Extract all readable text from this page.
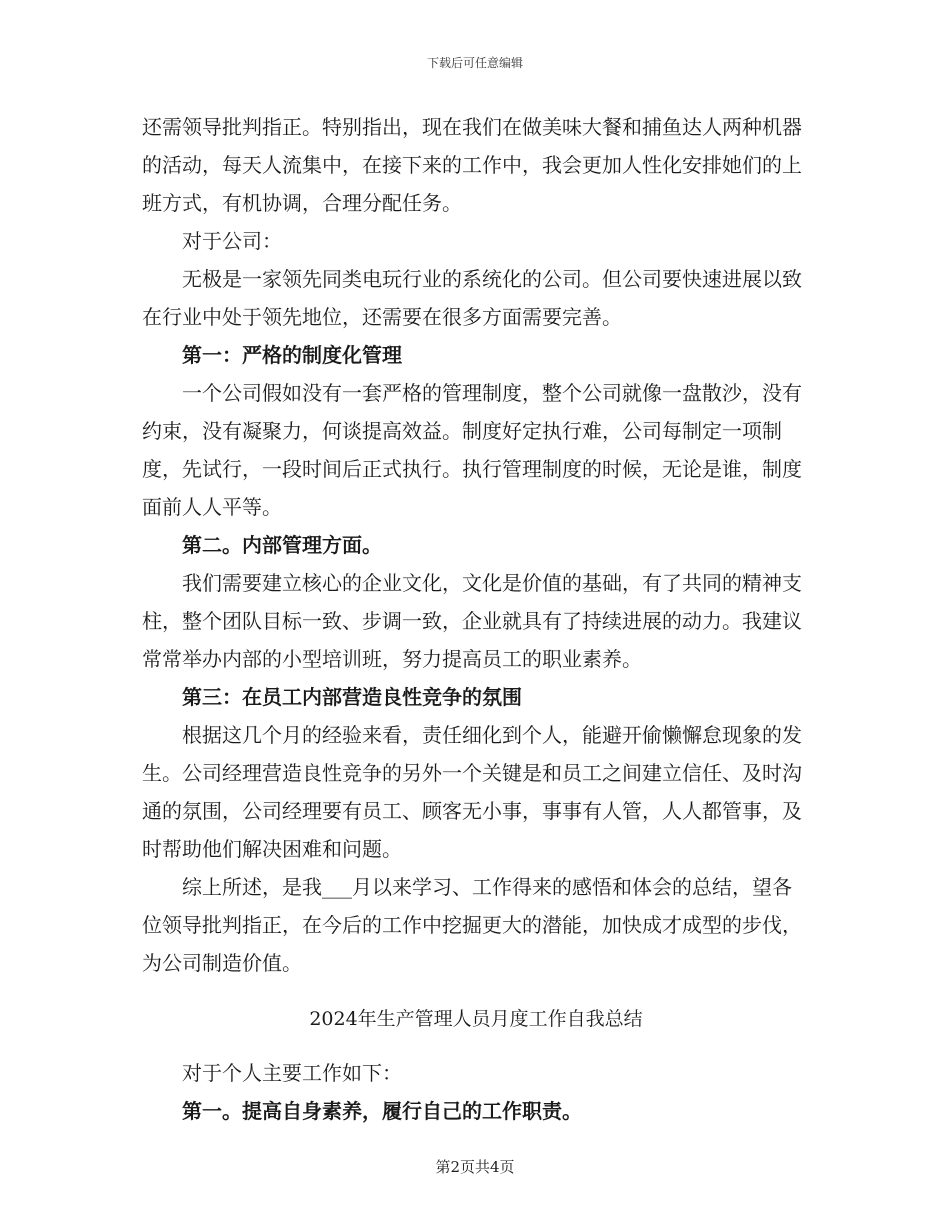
下载后可任意编辑

还需领导批判指正。特别指出，现在我们在做美味大餐和捕鱼达人两种机器的活动，每天人流集中，在接下来的工作中，我会更加人性化安排她们的上班方式，有机协调，合理分配任务。

对于公司：

无极是一家领先同类电玩行业的系统化的公司。但公司要快速进展以致在行业中处于领先地位，还需要在很多方面需要完善。

第一：严格的制度化管理

一个公司假如没有一套严格的管理制度，整个公司就像一盘散沙，没有约束，没有凝聚力，何谈提高效益。制度好定执行难，公司每制定一项制度，先试行，一段时间后正式执行。执行管理制度的时候，无论是谁，制度面前人人平等。

第二。内部管理方面。

我们需要建立核心的企业文化，文化是价值的基础，有了共同的精神支柱，整个团队目标一致、步调一致，企业就具有了持续进展的动力。我建议常常举办内部的小型培训班，努力提高员工的职业素养。

第三：在员工内部营造良性竞争的氛围

根据这几个月的经验来看，责任细化到个人，能避开偷懒懈怠现象的发生。公司经理营造良性竞争的另外一个关键是和员工之间建立信任、及时沟通的氛围，公司经理要有员工、顾客无小事，事事有人管，人人都管事，及时帮助他们解决困难和问题。

综上所述，是我___月以来学习、工作得来的感悟和体会的总结，望各位领导批判指正，在今后的工作中挖掘更大的潜能，加快成才成型的步伐，为公司制造价值。

2024年生产管理人员月度工作自我总结

对于个人主要工作如下：

第一。提高自身素养，履行自己的工作职责。

第2页共4页
